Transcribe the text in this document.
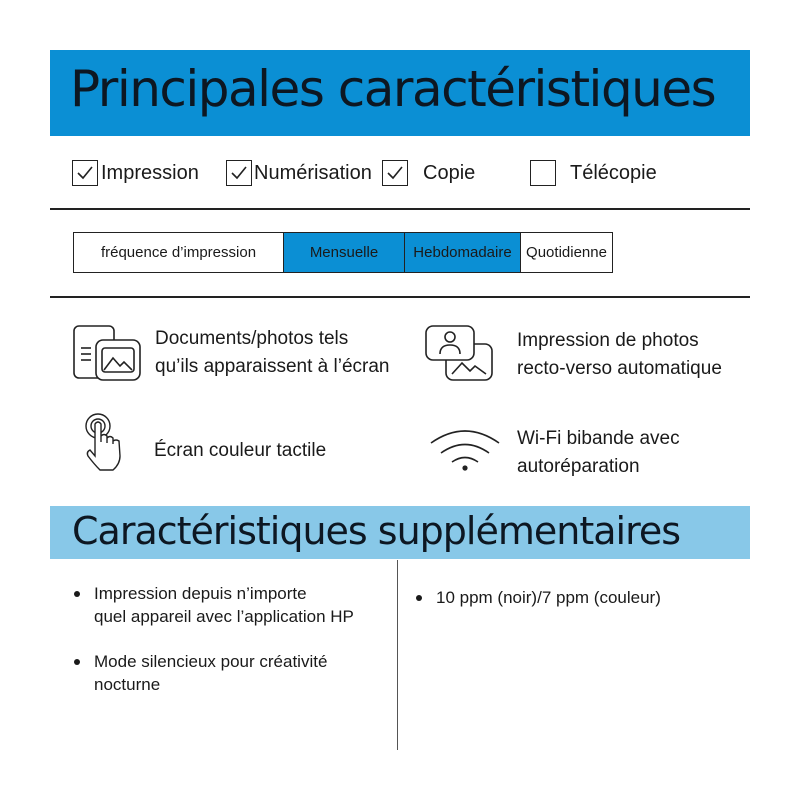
Principales caractéristiques
Impression	Numérisation	Copie	Télécopie
fréquence d’impression	Mensuelle	Hebdomadaire Quotidienne
Documents/photos tels
qu’ils apparaissent à l’écran
Impression de photos
recto-verso automatique
Écran couleur tactile
Wi-Fi bibande avec
autoréparation
Caractéristiques supplémentaires
Impression depuis n’importe
quel appareil avec l’application HP
Mode silencieux pour créativité
nocturne
10 ppm (noir)/7 ppm (couleur)
